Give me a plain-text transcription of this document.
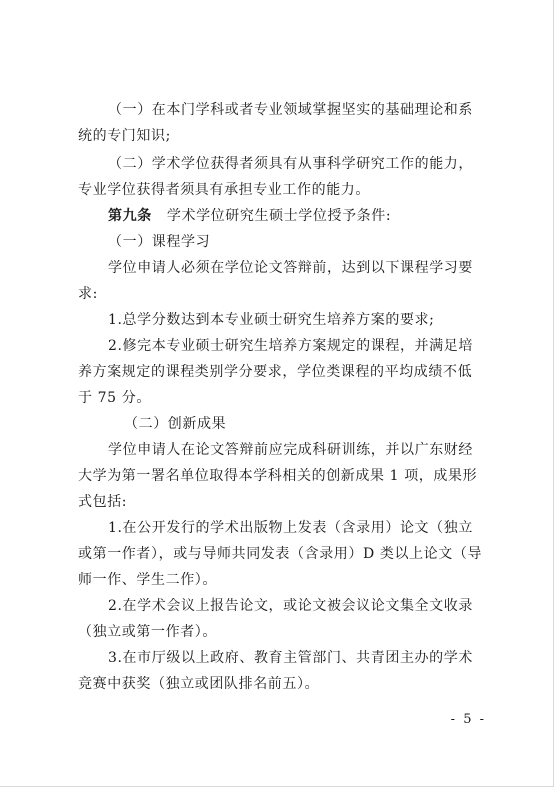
（一）在本门学科或者专业领域掌握坚实的基础理论和系
统的专门知识;
（二）学术学位获得者须具有从事科学研究工作的能力，
专业学位获得者须具有承担专业工作的能力。
第九条 学术学位研究生硕士学位授予条件:
（一）课程学习
学位申请人必须在学位论文答辩前，达到以下课程学习要
求:
1.总学分数达到本专业硕士研究生培养方案的要求;
2.修完本专业硕士研究生培养方案规定的课程，并满足培
养方案规定的课程类别学分要求，学位类课程的平均成绩不低
于 75 分。
（二）创新成果
学位申请人在论文答辩前应完成科研训练，并以广东财经
大学为第一署名单位取得本学科相关的创新成果 1 项，成果形
式包括:
1.在公开发行的学术出版物上发表（含录用）论文（独立
或第一作者），或与导师共同发表（含录用）D 类以上论文（导
师一作、学生二作）。
2.在学术会议上报告论文，或论文被会议论文集全文收录
（独立或第一作者）。
3.在市厅级以上政府、教育主管部门、共青团主办的学术
竞赛中获奖（独立或团队排名前五）。
- 5 -
